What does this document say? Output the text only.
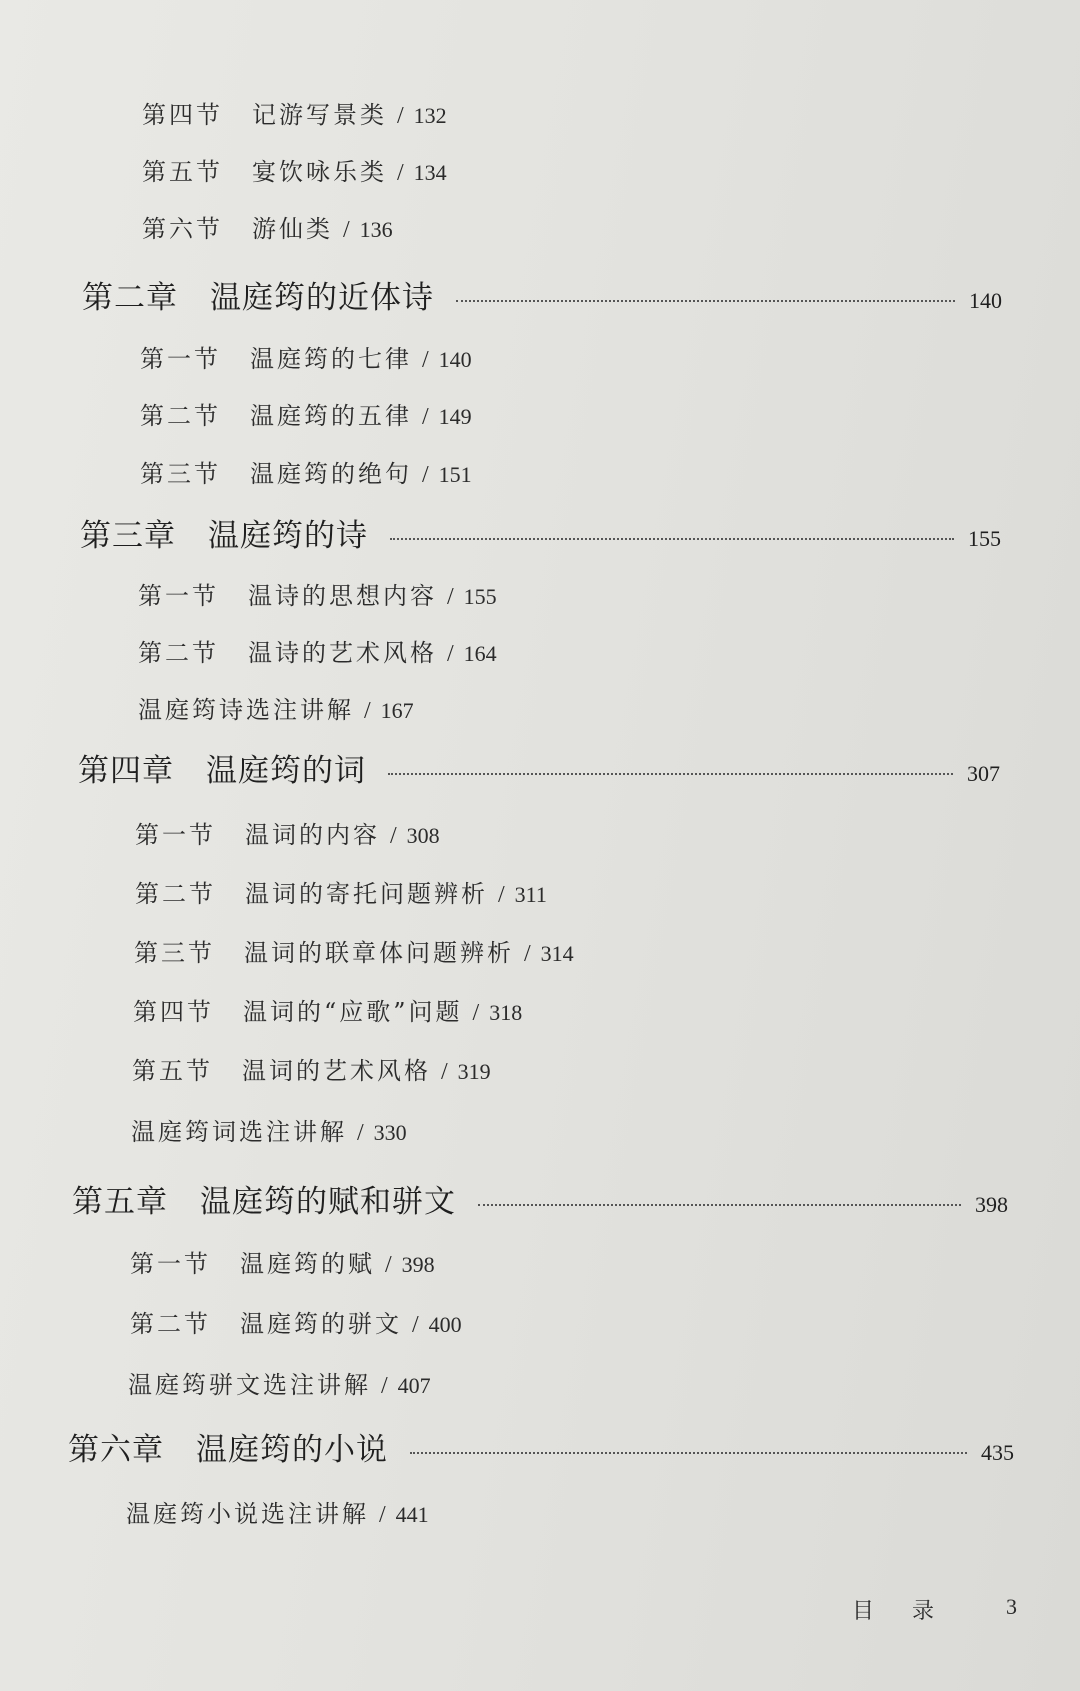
第四节 记游写景类 / 132
第五节 宴饮咏乐类 / 134
第六节 游仙类 / 136
第二章	温庭筠的近体诗	140
第一节 温庭筠的七律 / 140
第二节 温庭筠的五律 / 149
第三节 温庭筠的绝句 / 151
第三章	温庭筠的诗	155
第一节 温诗的思想内容 / 155
第二节 温诗的艺术风格 / 164
温庭筠诗选注讲解 / 167
第四章	温庭筠的词	307
第一节 温词的内容 / 308
第二节 温词的寄托问题辨析 / 311
第三节 温词的联章体问题辨析 / 314
第四节 温词的“应歌”问题 / 318
第五节 温词的艺术风格 / 319
温庭筠词选注讲解 / 330
第五章	温庭筠的赋和骈文	398
第一节 温庭筠的赋 / 398
第二节 温庭筠的骈文 / 400
温庭筠骈文选注讲解 / 407
第六章	温庭筠的小说	435
温庭筠小说选注讲解 / 441
目　录	3
